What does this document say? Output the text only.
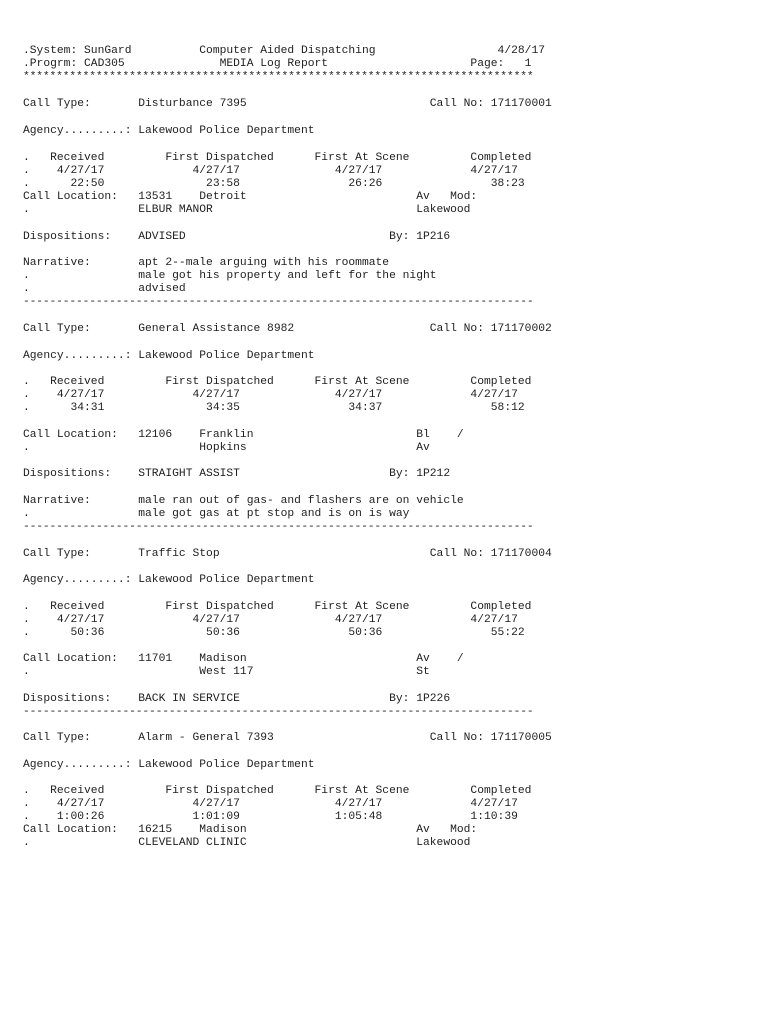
.System: SunGard          Computer Aided Dispatching                  4/28/17
.Progrm: CAD305              MEDIA Log Report                     Page:   1
*****************************************************************************
Call Type:       Disturbance 7395                           Call No: 171170001
Agency.........: Lakewood Police Department
.   Received         First Dispatched      First At Scene         Completed
.    4/27/17             4/27/17              4/27/17             4/27/17
.      22:50               23:58                26:26                38:23
Call Location:   13531    Detroit                         Av   Mod:
.                ELBUR MANOR                              Lakewood
Dispositions:    ADVISED                              By: 1P216
Narrative:       apt 2--male arguing with his roommate
.                male got his property and left for the night
.                advised
-----------------------------------------------------------------------------
Call Type:       General Assistance 8982                    Call No: 171170002
Agency.........: Lakewood Police Department
.   Received         First Dispatched      First At Scene         Completed
.    4/27/17             4/27/17              4/27/17             4/27/17
.      34:31               34:35                34:37                58:12
Call Location:   12106    Franklin                        Bl    /
.                         Hopkins                         Av
Dispositions:    STRAIGHT ASSIST                      By: 1P212
Narrative:       male ran out of gas- and flashers are on vehicle
.                male got gas at pt stop and is on is way
-----------------------------------------------------------------------------
Call Type:       Traffic Stop                               Call No: 171170004
Agency.........: Lakewood Police Department
.   Received         First Dispatched      First At Scene         Completed
.    4/27/17             4/27/17              4/27/17             4/27/17
.      50:36               50:36                50:36                55:22
Call Location:   11701    Madison                         Av    /
.                         West 117                        St
Dispositions:    BACK IN SERVICE                      By: 1P226
-----------------------------------------------------------------------------
Call Type:       Alarm - General 7393                       Call No: 171170005
Agency.........: Lakewood Police Department
.   Received         First Dispatched      First At Scene         Completed
.    4/27/17             4/27/17              4/27/17             4/27/17
.    1:00:26             1:01:09              1:05:48             1:10:39
Call Location:   16215    Madison                         Av   Mod:
.                CLEVELAND CLINIC                         Lakewood
